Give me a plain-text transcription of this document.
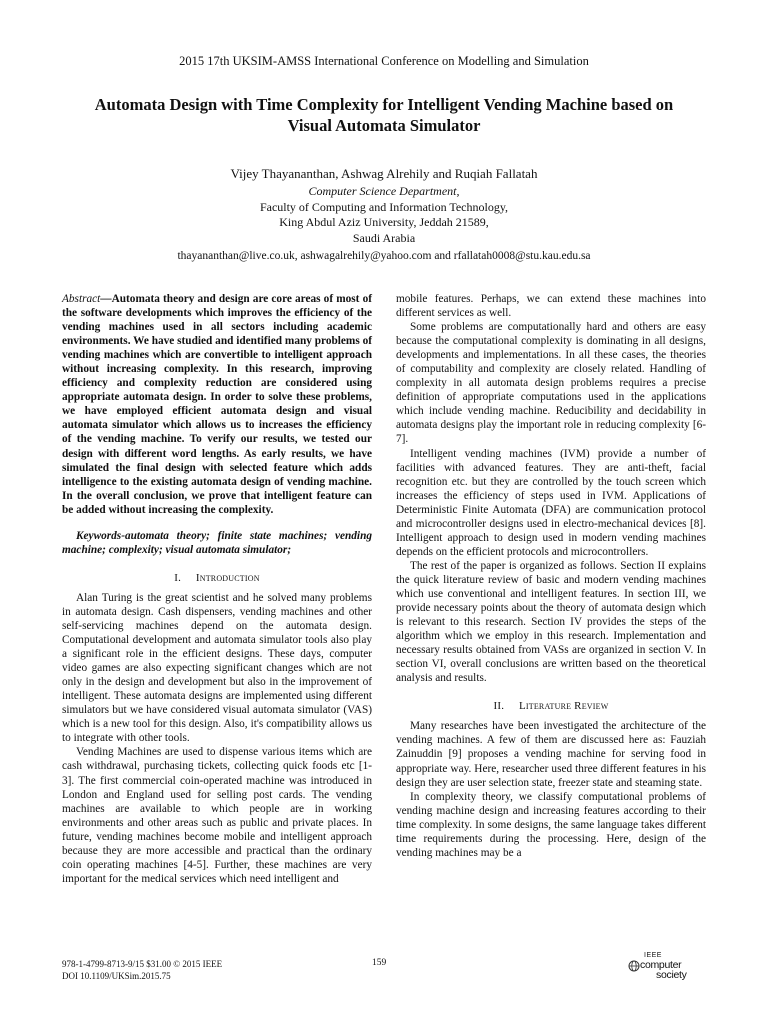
2015 17th UKSIM-AMSS International Conference on Modelling and Simulation
Automata Design with Time Complexity for Intelligent Vending Machine based on
Visual Automata Simulator
Vijey Thayananthan, Ashwag Alrehily and Ruqiah Fallatah
Computer Science Department,
Faculty of Computing and Information Technology,
King Abdul Aziz University, Jeddah 21589,
Saudi Arabia
thayananthan@live.co.uk, ashwagalrehily@yahoo.com and rfallatah0008@stu.kau.edu.sa

Abstract—Automata theory and design are core areas of most of the software developments which improves the efficiency of the vending machines used in all sectors including academic environments. We have studied and identified many problems of vending machines which are convertible to intelligent approach without increasing complexity. In this research, improving efficiency and complexity reduction are considered using appropriate automata design. In order to solve these problems, we have employed efficient automata design and visual automata simulator which allows us to increases the efficiency of the vending machine. To verify our results, we tested our design with different word lengths. As early results, we have simulated the final design with selected feature which adds intelligence to the existing automata design of vending machine. In the overall conclusion, we prove that intelligent feature can be added without increasing the complexity.

Keywords-automata theory; finite state machines; vending machine; complexity; visual automata simulator;

I. Introduction

Alan Turing is the great scientist and he solved many problems in automata design. Cash dispensers, vending machines and other self-servicing machines depend on the automata design. Computational development and automata simulator tools also play a significant role in the efficient designs. These days, computer video games are also expecting significant changes which are not only in the design and development but also in the improvement of intelligent. These automata designs are implemented using different simulators but we have considered visual automata simulator (VAS) which is a new tool for this design. Also, it's compatibility allows us to integrate with other tools.

Vending Machines are used to dispense various items which are cash withdrawal, purchasing tickets, collecting quick foods etc [1-3]. The first commercial coin-operated machine was introduced in London and England used for selling post cards. The vending machines are available to which people are in working environments and other areas such as public and private places. In future, vending machines become mobile and intelligent approach because they are more accessible and practical than the ordinary coin operating machines [4-5]. Further, these machines are very important for the medical services which need intelligent and

mobile features. Perhaps, we can extend these machines into different services as well.

Some problems are computationally hard and others are easy because the computational complexity is dominating in all designs, developments and implementations. In all these cases, the theories of computability and complexity are closely related. Handling of complexity in all automata design problems requires a precise definition of appropriate computations used in the applications which include vending machine. Reducibility and decidability in automata designs play the important role in reducing complexity [6-7].

Intelligent vending machines (IVM) provide a number of facilities with advanced features. They are anti-theft, facial recognition etc. but they are controlled by the touch screen which increases the efficiency of steps used in IVM. Applications of Deterministic Finite Automata (DFA) are communication protocol and microcontroller designs used in electro-mechanical devices [8]. Intelligent approach to design used in modern vending machines depends on the efficient protocols and microcontrollers.

The rest of the paper is organized as follows. Section II explains the quick literature review of basic and modern vending machines which use conventional and intelligent features. In section III, we provide necessary points about the theory of automata design which is relevant to this research. Section IV provides the steps of the algorithm which we employ in this research. Implementation and necessary results obtained from VASs are organized in section V. In section VI, overall conclusions are written based on the theoretical analysis and results.

II. Literature Review

Many researches have been investigated the architecture of the vending machines. A few of them are discussed here as: Fauziah Zainuddin [9] proposes a vending machine for serving food in appropriate way. Here, researcher used three different features in his design they are user selection state, freezer state and steaming state.

In complexity theory, we classify computational problems of vending machine design and increasing features according to their time complexity. In some designs, the same language takes different time requirements during the processing. Here, design of the vending machines may be a

978-1-4799-8713-9/15 $31.00 © 2015 IEEE
DOI 10.1109/UKSim.2015.75
159
IEEE
computer
society
